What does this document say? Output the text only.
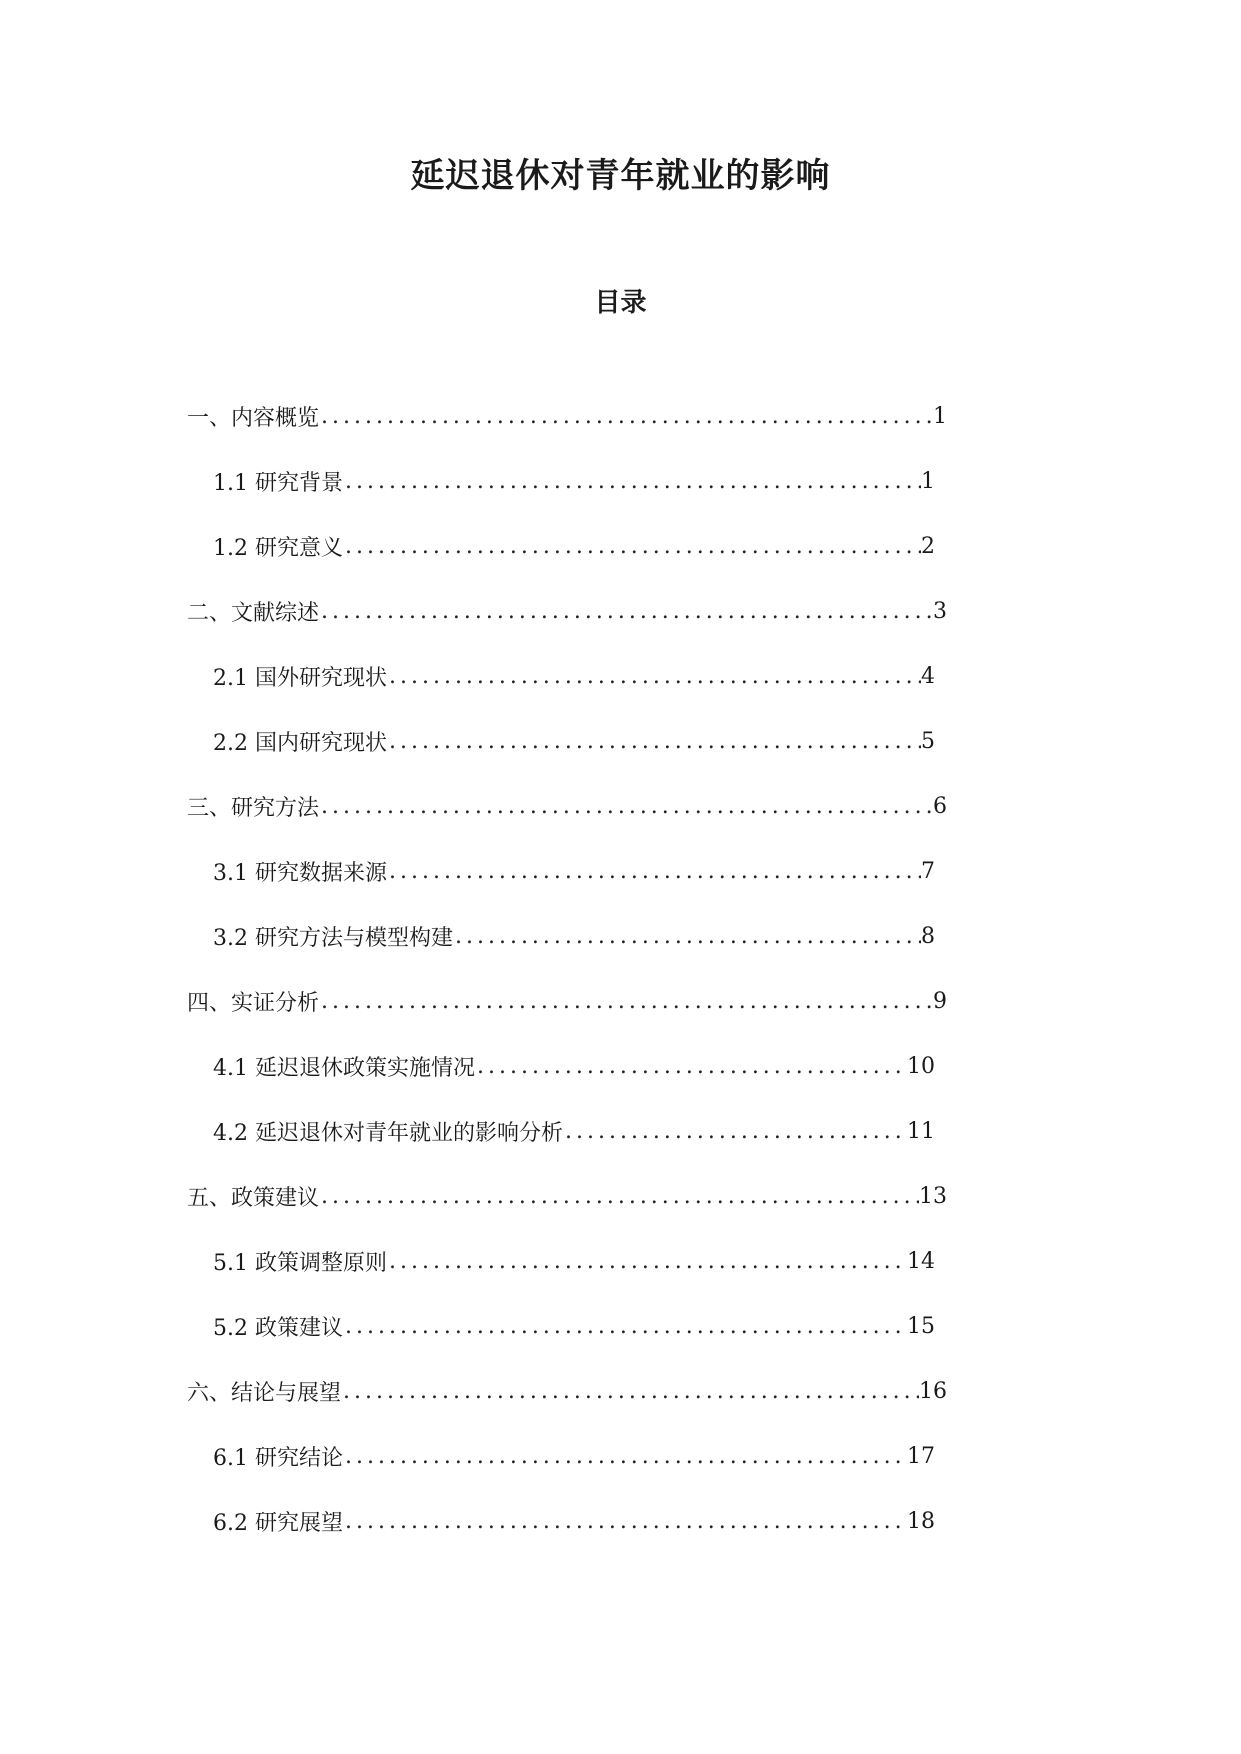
延迟退休对青年就业的影响
目录
一、内容概览 .....	1
1.1 研究背景 .....	1
1.2 研究意义 .....	2
二、文献综述 .....	3
2.1 国外研究现状 .....	4
2.2 国内研究现状 .....	5
三、研究方法 .....	6
3.1 研究数据来源 .....	7
3.2 研究方法与模型构建 .....	8
四、实证分析 .....	9
4.1 延迟退休政策实施情况 .....	10
4.2 延迟退休对青年就业的影响分析 .....	11
五、政策建议 .....	13
5.1 政策调整原则 .....	14
5.2 政策建议 .....	15
六、结论与展望 .....	16
6.1 研究结论 .....	17
6.2 研究展望 .....	18
